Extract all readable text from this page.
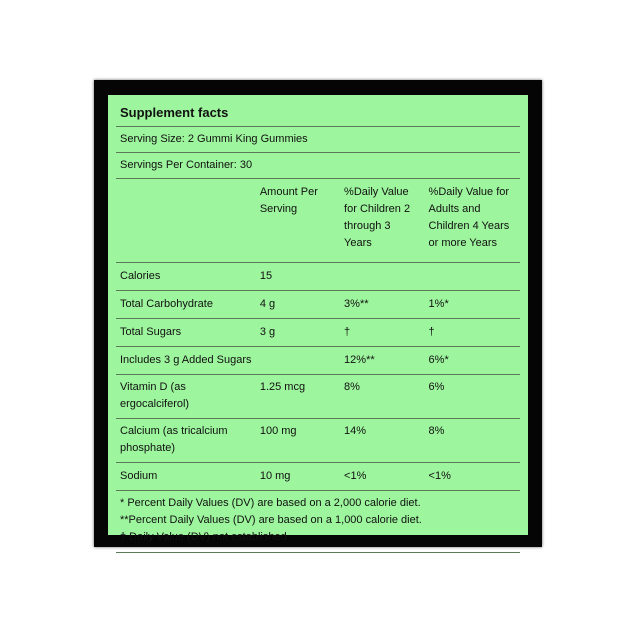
Supplement facts
Serving Size: 2 Gummi King Gummies
Servings Per Container: 30
	Amount Per Serving	%Daily Value for Children 2 through 3 Years	%Daily Value for Adults and Children 4 Years or more Years
Calories	15		
Total Carbohydrate	4 g	3%**	1%*
Total Sugars	3 g	†	†
Includes 3 g Added Sugars		12%**	6%*
Vitamin D (as ergocalciferol)	1.25 mcg	8%	6%
Calcium (as tricalcium phosphate)	100 mg	14%	8%
Sodium	10 mg	<1%	<1%
* Percent Daily Values (DV) are based on a 2,000 calorie diet.
**Percent Daily Values (DV) are based on a 1,000 calorie diet.
† Daily Value (DV) not established.
